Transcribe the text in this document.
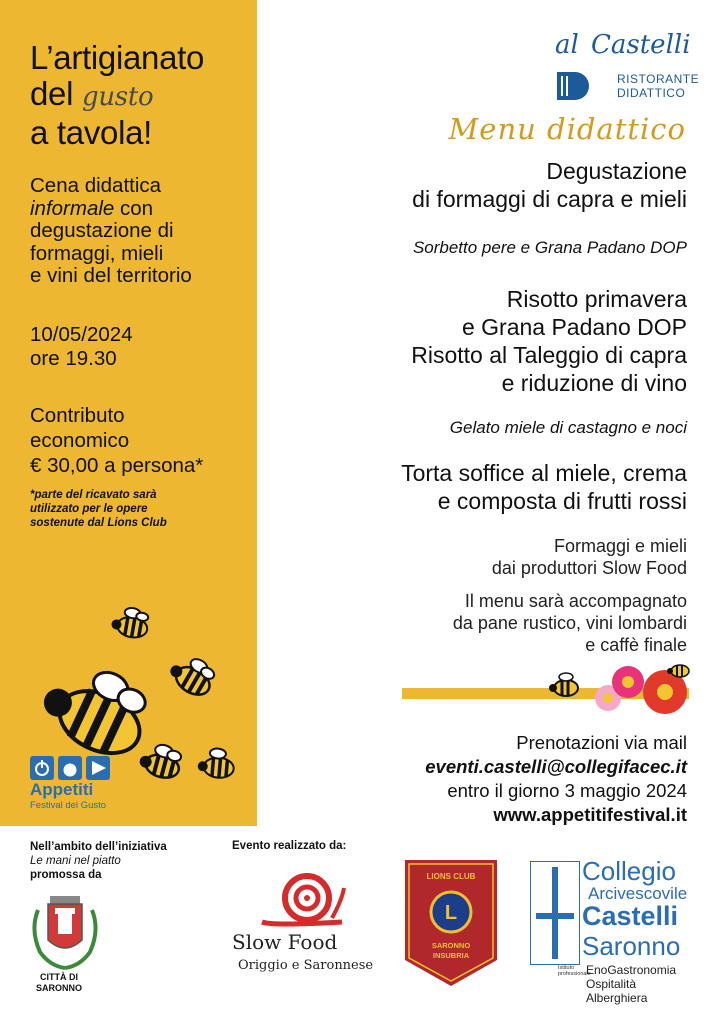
L’artigianato
del gusto
a tavola!
Cena didattica
informale con
degustazione di
formaggi, mieli
e vini del territorio
10/05/2024
ore 19.30
Contributo
economico
€ 30,00 a persona*
*parte del ricavato sarà
utilizzato per le opere
sostenute dal Lions Club
Appetiti
Festival del Gusto
al Castelli
RISTORANTE
DIDATTICO
Menu didattico
Degustazione
di formaggi di capra e mieli
Sorbetto pere e Grana Padano DOP
Risotto primavera
e Grana Padano DOP
Risotto al Taleggio di capra
e riduzione di vino
Gelato miele di castagno e noci
Torta soffice al miele, crema
e composta di frutti rossi
Formaggi e mieli
dai produttori Slow Food
Il menu sarà accompagnato
da pane rustico, vini lombardi
e caffè finale
Prenotazioni via mail
eventi.castelli@collegifacec.it
entro il giorno 3 maggio 2024
www.appetitifestival.it
Nell’ambito dell’iniziativa
Le mani nel piatto
promossa da
CITTÀ DI
SARONNO
Evento realizzato da:
Slow Food
Origgio e Saronnese
L
LIONS CLUB
SARONNO
INSUBRIA
Collegio
Arcivescovile
Castelli
Saronno
Istituto
professionale
EnoGastronomia
Ospitalità Alberghiera
